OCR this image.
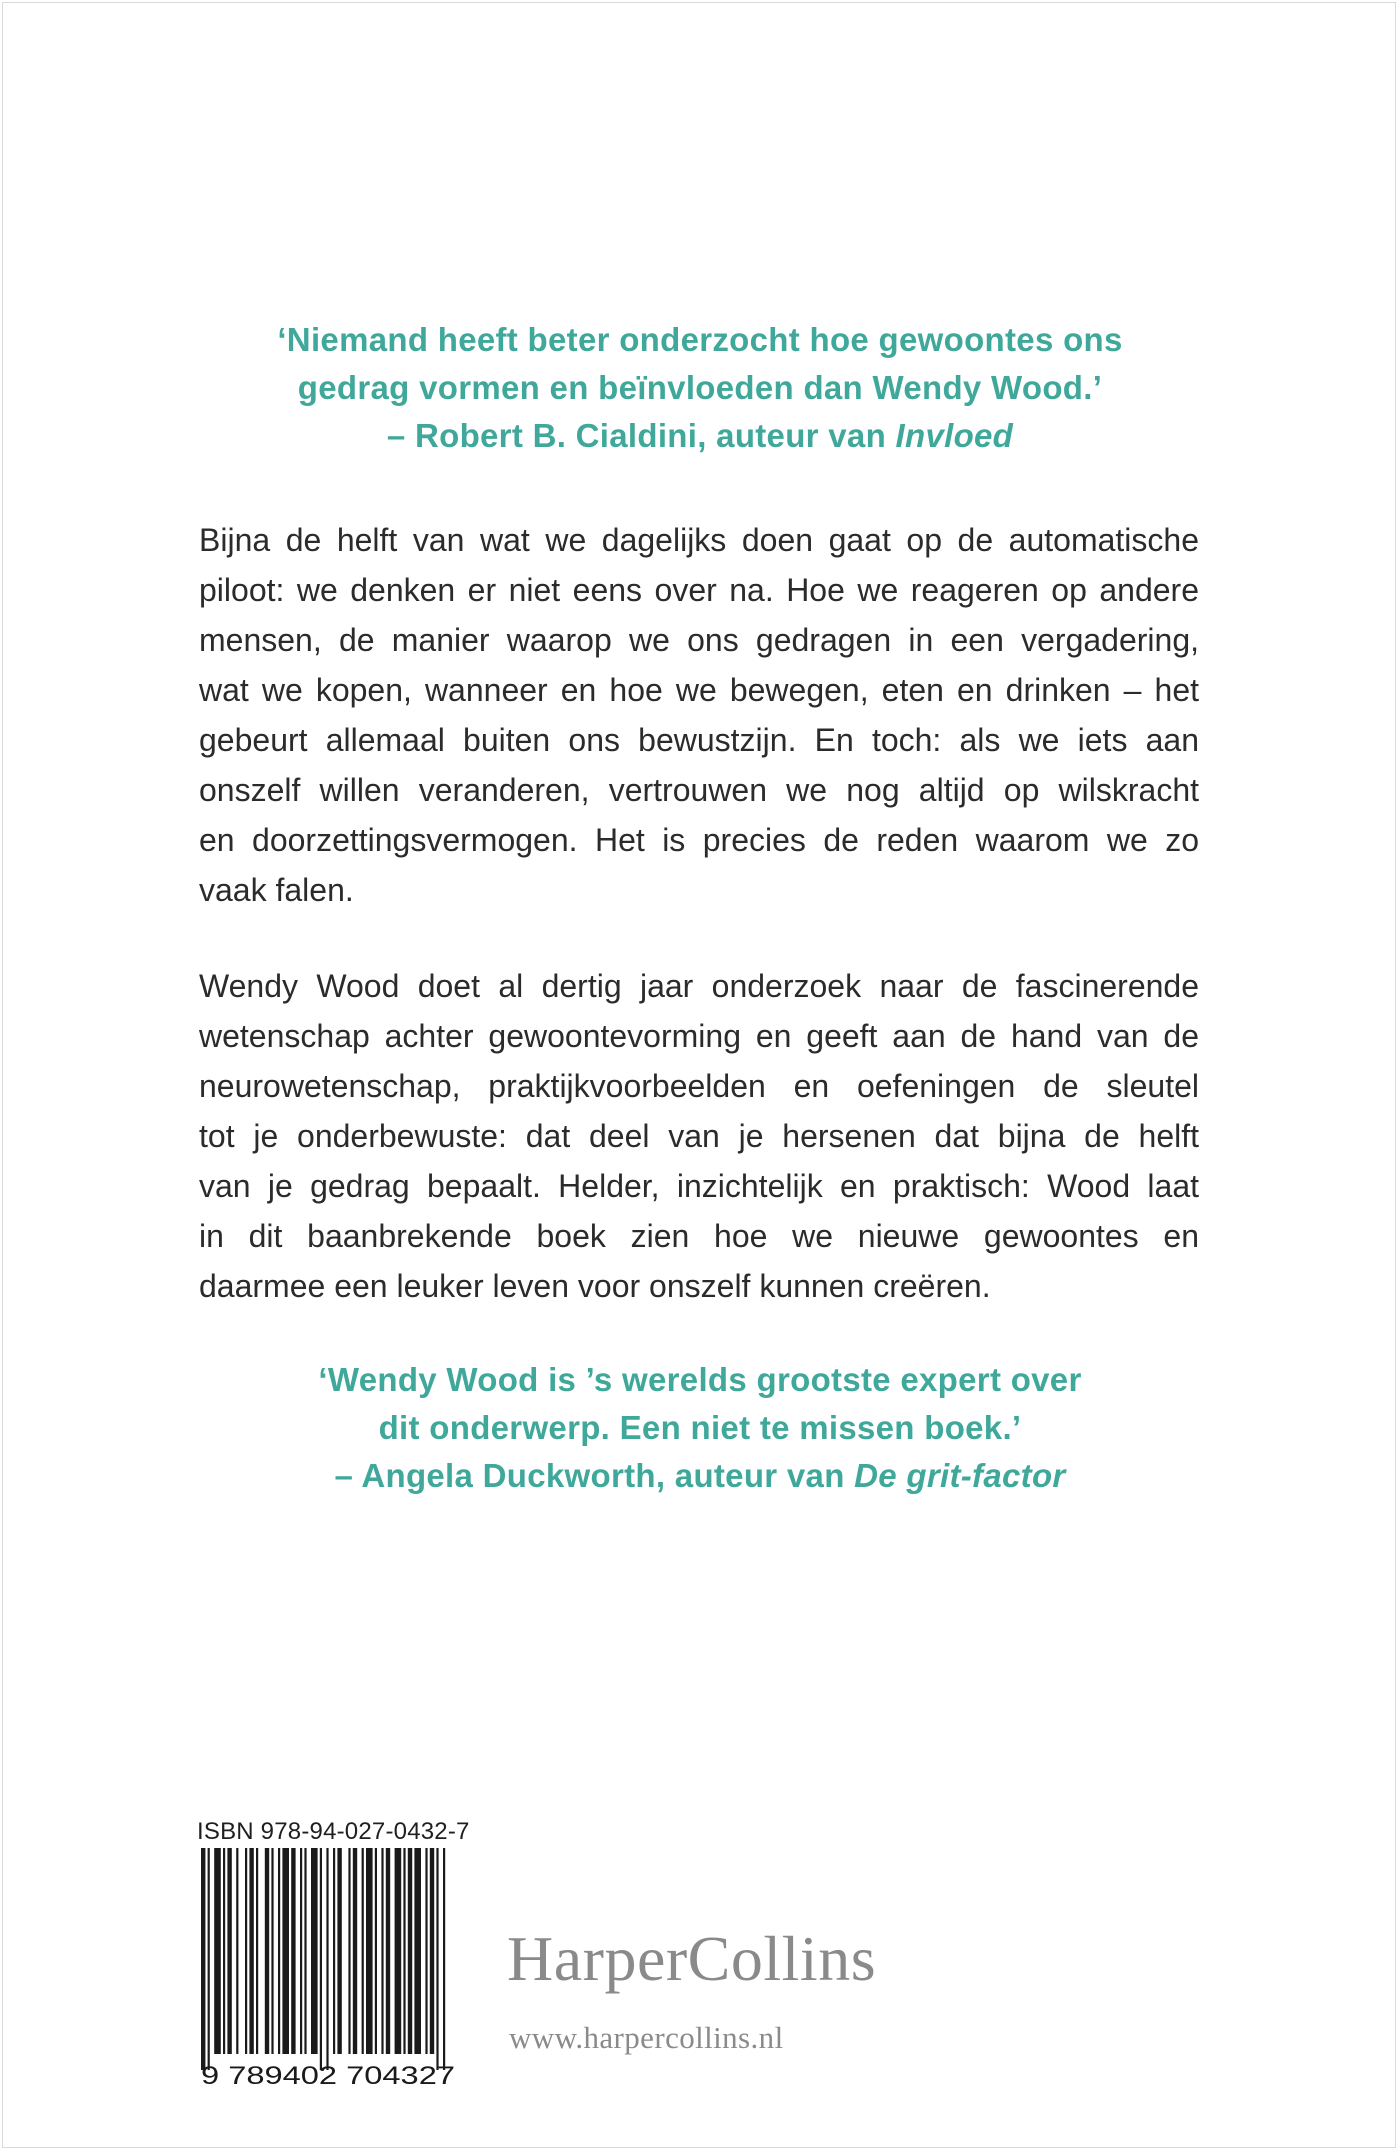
‘Niemand heeft beter onderzocht hoe gewoontes ons
gedrag vormen en beïnvloeden dan Wendy Wood.’
– Robert B. Cialdini, auteur van Invloed
Bijna de helft van wat we dagelijks doen gaat op de automatische
piloot: we denken er niet eens over na. Hoe we reageren op andere
mensen, de manier waarop we ons gedragen in een vergadering,
wat we kopen, wanneer en hoe we bewegen, eten en drinken – het
gebeurt allemaal buiten ons bewustzijn. En toch: als we iets aan
onszelf willen veranderen, vertrouwen we nog altijd op wilskracht
en doorzettingsvermogen. Het is precies de reden waarom we zo
vaak falen.
Wendy Wood doet al dertig jaar onderzoek naar de fascinerende
wetenschap achter gewoontevorming en geeft aan de hand van de
neurowetenschap, praktijkvoorbeelden en oefeningen de sleutel
tot je onderbewuste: dat deel van je hersenen dat bijna de helft
van je gedrag bepaalt. Helder, inzichtelijk en praktisch: Wood laat
in dit baanbrekende boek zien hoe we nieuwe gewoontes en
daarmee een leuker leven voor onszelf kunnen creëren.
‘Wendy Wood is ’s werelds grootste expert over
dit onderwerp. Een niet te missen boek.’
– Angela Duckworth, auteur van De grit-factor
ISBN 978-94-027-0432-7
9 789402 704327
HarperCollins
www.harpercollins.nl
